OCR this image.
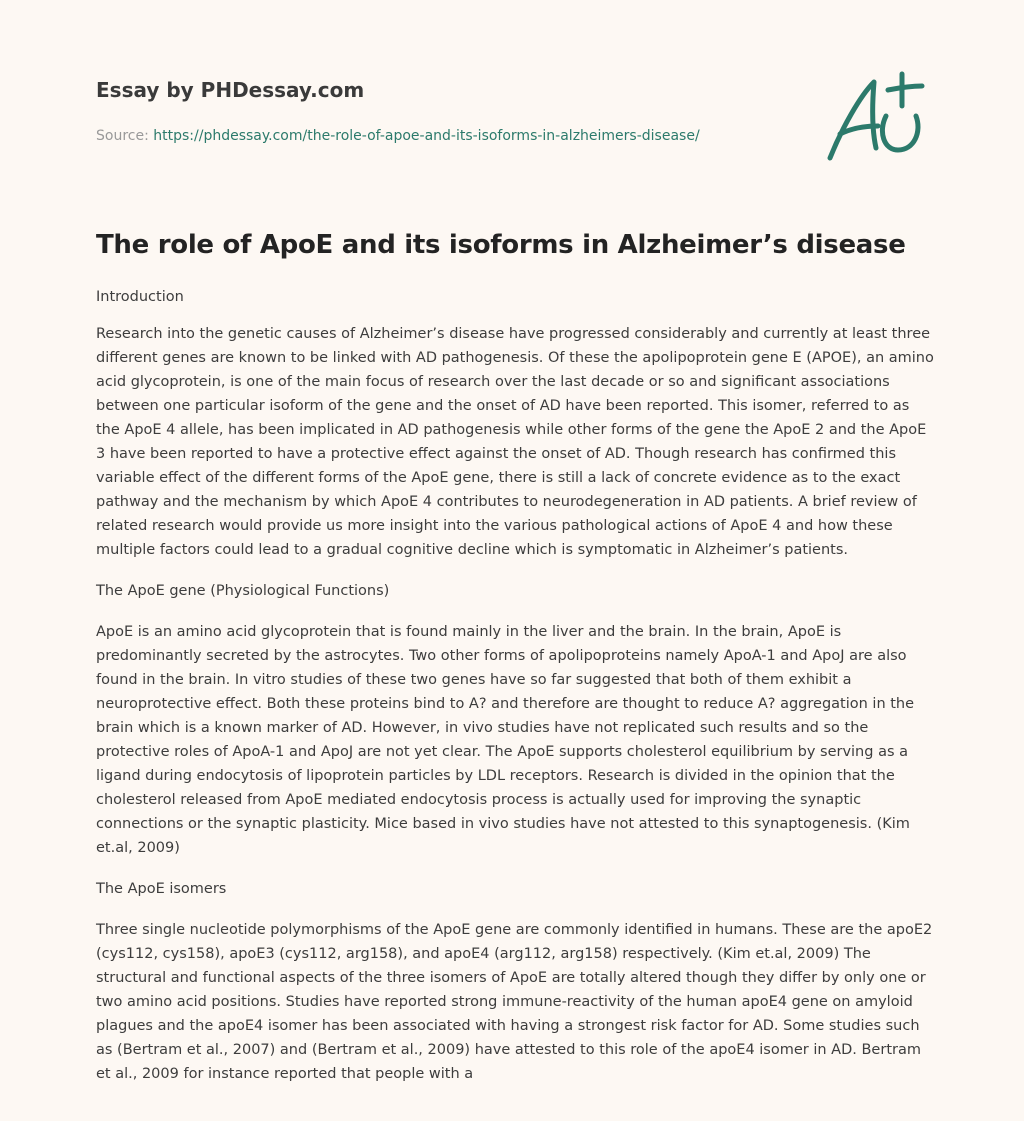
Essay by PHDessay.com

Source: https://phdessay.com/the-role-of-apoe-and-its-isoforms-in-alzheimers-disease/
The role of ApoE and its isoforms in Alzheimer’s disease

Introduction

Research into the genetic causes of Alzheimer’s disease have progressed considerably and currently at least three different genes are known to be linked with AD pathogenesis. Of these the apolipoprotein gene E (APOE), an amino acid glycoprotein, is one of the main focus of research over the last decade or so and significant associations between one particular isoform of the gene and the onset of AD have been reported. This isomer, referred to as the ApoE 4 allele, has been implicated in AD pathogenesis while other forms of the gene the ApoE 2 and the ApoE 3 have been reported to have a protective effect against the onset of AD. Though research has confirmed this variable effect of the different forms of the ApoE gene, there is still a lack of concrete evidence as to the exact pathway and the mechanism by which ApoE 4 contributes to neurodegeneration in AD patients. A brief review of related research would provide us more insight into the various pathological actions of ApoE 4 and how these multiple factors could lead to a gradual cognitive decline which is symptomatic in Alzheimer’s patients.

The ApoE gene (Physiological Functions)

ApoE is an amino acid glycoprotein that is found mainly in the liver and the brain. In the brain, ApoE is predominantly secreted by the astrocytes. Two other forms of apolipoproteins namely ApoA-1 and ApoJ are also found in the brain. In vitro studies of these two genes have so far suggested that both of them exhibit a neuroprotective effect. Both these proteins bind to A? and therefore are thought to reduce A? aggregation in the brain which is a known marker of AD. However, in vivo studies have not replicated such results and so the protective roles of ApoA-1 and ApoJ are not yet clear. The ApoE supports cholesterol equilibrium by serving as a ligand during endocytosis of lipoprotein particles by LDL receptors. Research is divided in the opinion that the cholesterol released from ApoE mediated endocytosis process is actually used for improving the synaptic connections or the synaptic plasticity. Mice based in vivo studies have not attested to this synaptogenesis. (Kim et.al, 2009)

The ApoE isomers

Three single nucleotide polymorphisms of the ApoE gene are commonly identified in humans. These are the apoE2 (cys112, cys158), apoE3 (cys112, arg158), and apoE4 (arg112, arg158) respectively. (Kim et.al, 2009) The structural and functional aspects of the three isomers of ApoE are totally altered though they differ by only one or two amino acid positions. Studies have reported strong immune-reactivity of the human apoE4 gene on amyloid plagues and the apoE4 isomer has been associated with having a strongest risk factor for AD. Some studies such as (Bertram et al., 2007) and (Bertram et al., 2009) have attested to this role of the apoE4 isomer in AD. Bertram et al., 2009 for instance reported that people with a
